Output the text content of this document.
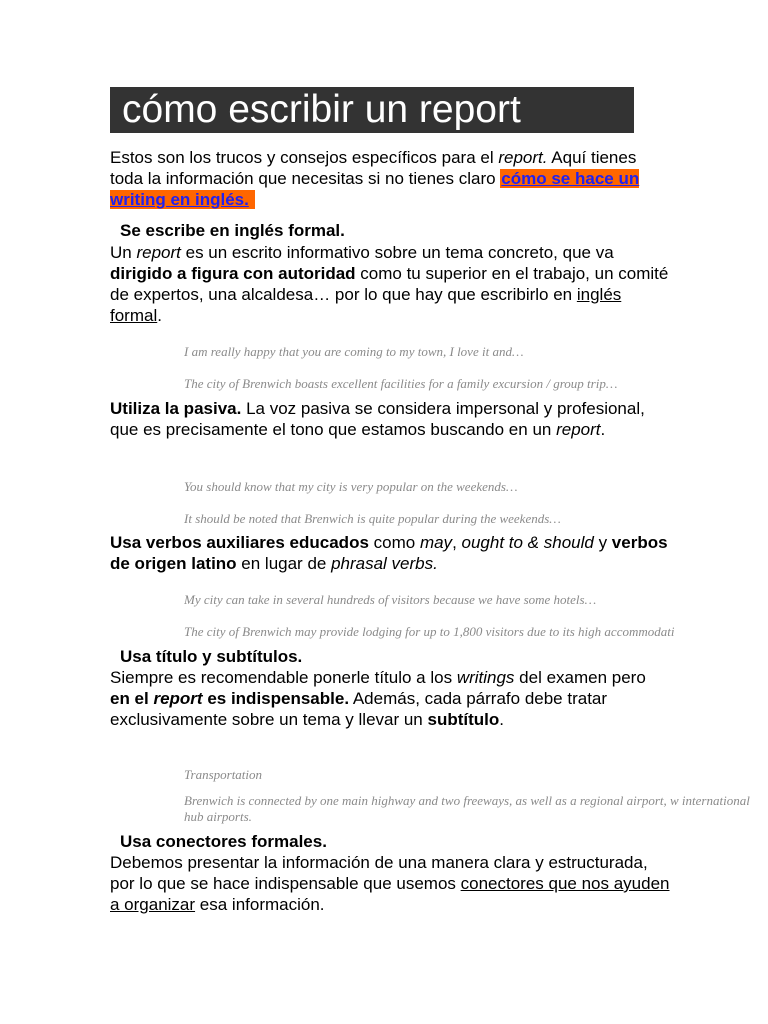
cómo escribir un report

Estos son los trucos y consejos específicos para el report. Aquí tienes toda la información que necesitas si no tienes claro cómo se hace un writing en inglés.

Se escribe en inglés formal.

Un report es un escrito informativo sobre un tema concreto, que va dirigido a figura con autoridad como tu superior en el trabajo, un comité de expertos, una alcaldesa… por lo que hay que escribirlo en inglés formal.

I am really happy that you are coming to my town, I love it and…

The city of Brenwich boasts excellent facilities for a family excursion / group trip…

Utiliza la pasiva. La voz pasiva se considera impersonal y profesional, que es precisamente el tono que estamos buscando en un report.

You should know that my city is very popular on the weekends…

It should be noted that Brenwich is quite popular during the weekends…

Usa verbos auxiliares educados como may, ought to & should y verbos de origen latino en lugar de phrasal verbs.

My city can take in several hundreds of visitors because we have some hotels…

The city of Brenwich may provide lodging for up to 1,800 visitors due to its high accommodati

Usa título y subtítulos.

Siempre es recomendable ponerle título a los writings del examen pero en el report es indispensable. Además, cada párrafo debe tratar exclusivamente sobre un tema y llevar un subtítulo.

Transportation

Brenwich is connected by one main highway and two freeways, as well as a regional airport, w international hub airports.

Usa conectores formales.

Debemos presentar la información de una manera clara y estructurada, por lo que se hace indispensable que usemos conectores que nos ayuden a organizar esa información.
